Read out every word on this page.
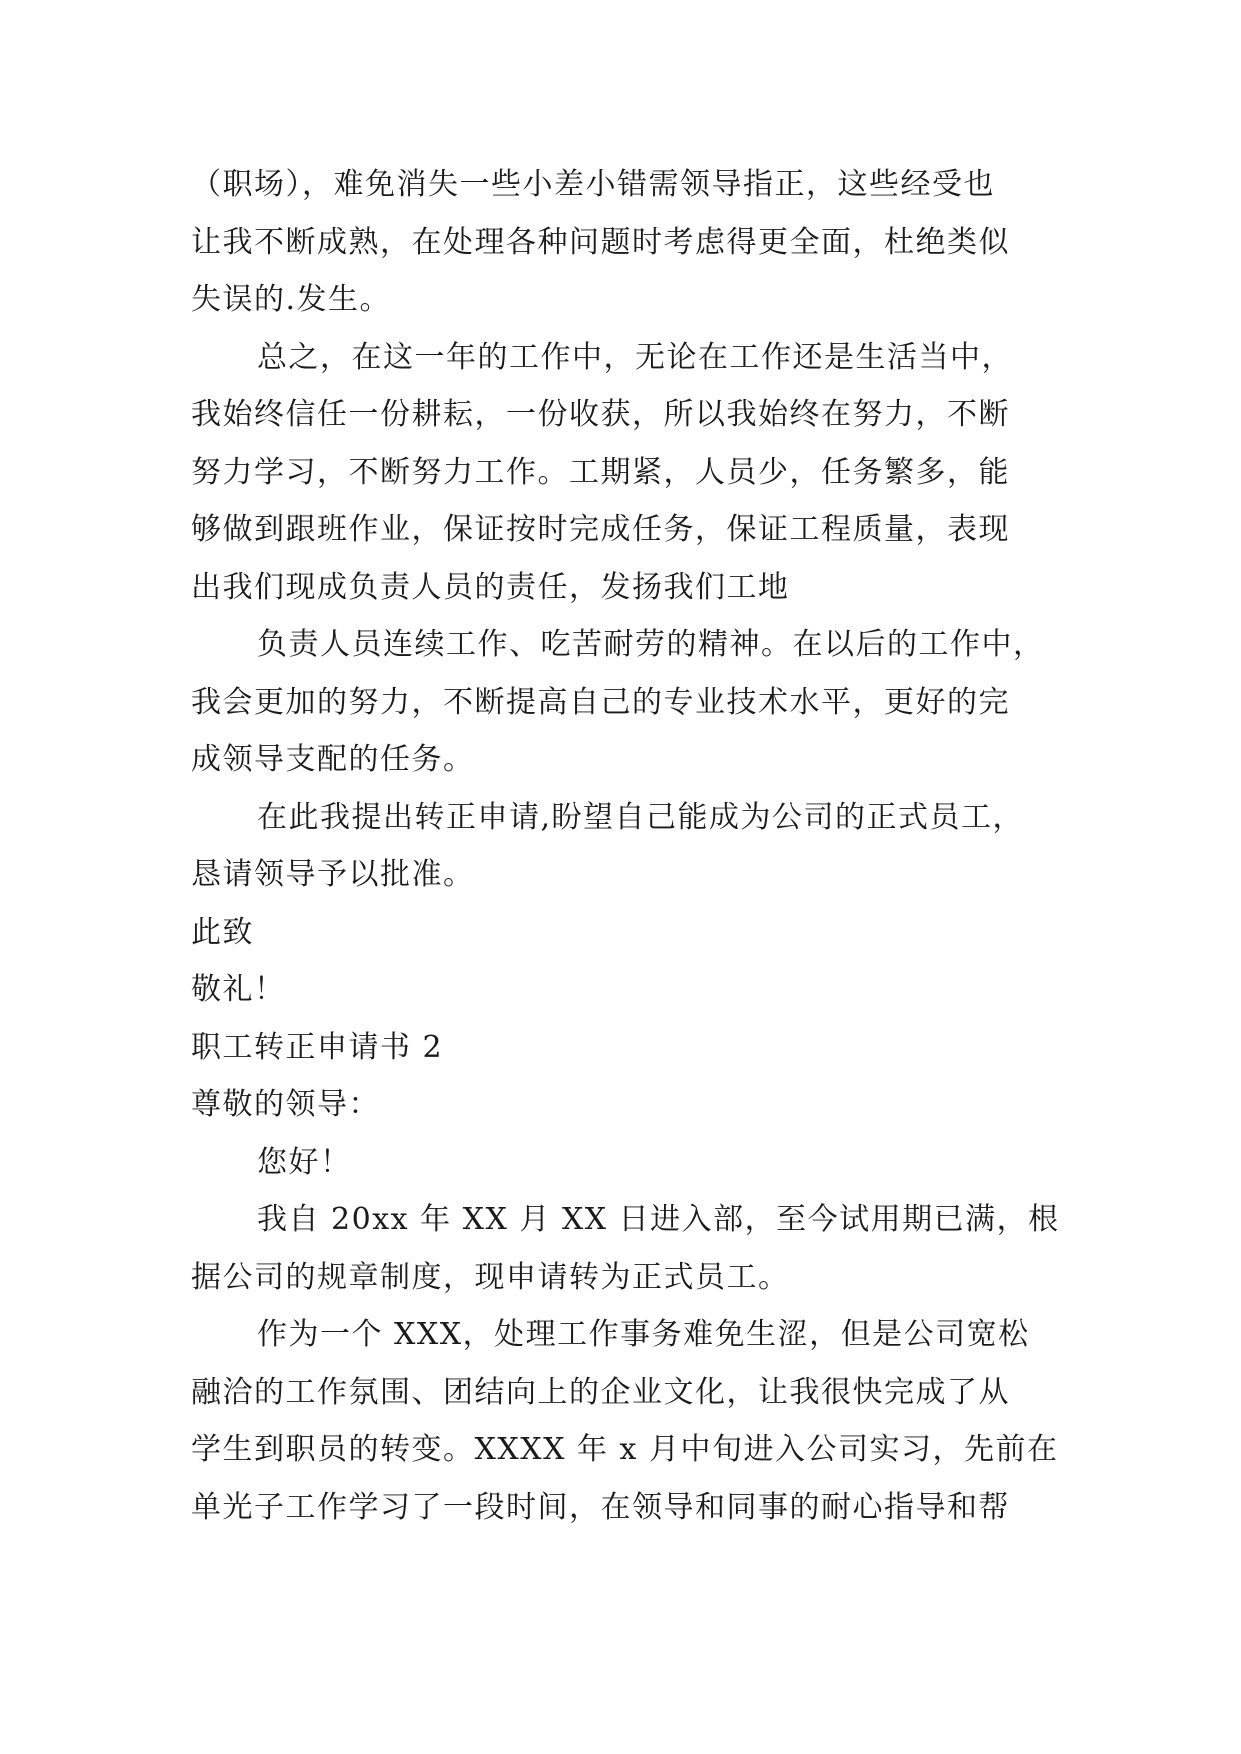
（职场），难免消失一些小差小错需领导指正，这些经受也
让我不断成熟，在处理各种问题时考虑得更全面，杜绝类似
失误的.发生。
总之，在这一年的工作中，无论在工作还是生活当中，
我始终信任一份耕耘，一份收获，所以我始终在努力，不断
努力学习，不断努力工作。工期紧，人员少，任务繁多，能
够做到跟班作业，保证按时完成任务，保证工程质量，表现
出我们现成负责人员的责任，发扬我们工地
负责人员连续工作、吃苦耐劳的精神。在以后的工作中，
我会更加的努力，不断提高自己的专业技术水平，更好的完
成领导支配的任务。
在此我提出转正申请,盼望自己能成为公司的正式员工，
恳请领导予以批准。
此致
敬礼！
职工转正申请书 2
尊敬的领导：
您好！
我自 20xx 年 XX 月 XX 日进入部，至今试用期已满，根
据公司的规章制度，现申请转为正式员工。
作为一个 XXX，处理工作事务难免生涩，但是公司宽松
融洽的工作氛围、团结向上的企业文化，让我很快完成了从
学生到职员的转变。XXXX 年 x 月中旬进入公司实习，先前在
单光子工作学习了一段时间，在领导和同事的耐心指导和帮
